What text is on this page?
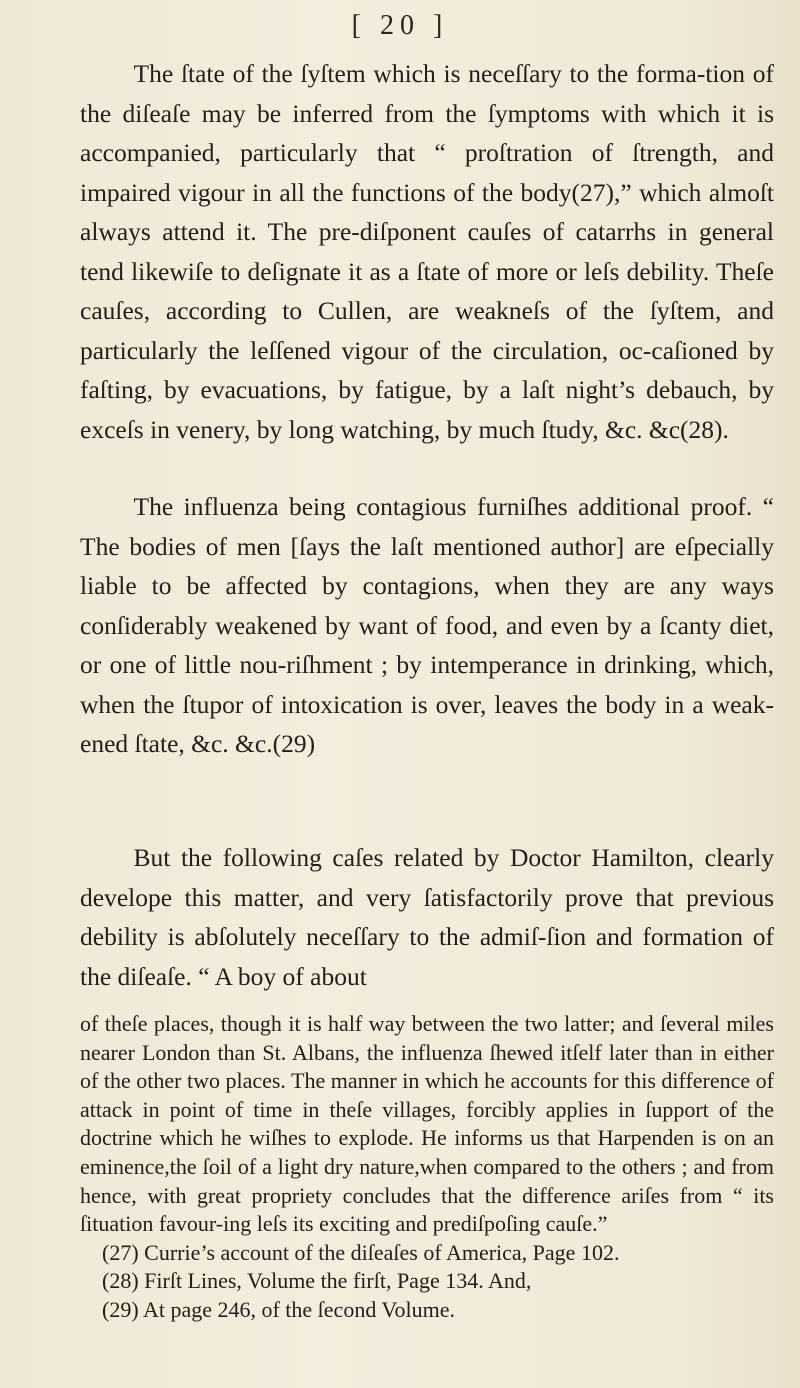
[ 20 ]

The ſtate of the ſyſtem which is neceſſary to the forma-tion of the diſeaſe may be inferred from the ſymptoms with which it is accompanied, particularly that “ proſtration of ſtrength, and impaired vigour in all the functions of the body(27),” which almoſt always attend it. The pre-diſponent cauſes of catarrhs in general tend likewiſe to deſignate it as a ſtate of more or leſs debility. Theſe cauſes, according to Cullen, are weakneſs of the ſyſtem, and particularly the leſſened vigour of the circulation, oc-caſioned by faſting, by evacuations, by fatigue, by a laſt night’s debauch, by exceſs in venery, by long watching, by much ſtudy, &c. &c(28).

The influenza being contagious furniſhes additional proof. “ The bodies of men [ſays the laſt mentioned author] are eſpecially liable to be affected by contagions, when they are any ways conſiderably weakened by want of food, and even by a ſcanty diet, or one of little nou-riſhment ; by intemperance in drinking, which, when the ſtupor of intoxication is over, leaves the body in a weak-ened ſtate, &c. &c.(29)

But the following caſes related by Doctor Hamilton, clearly develope this matter, and very ſatisfactorily prove that previous debility is abſolutely neceſſary to the admiſ-ſion and formation of the diſeaſe. “ A boy of about

of theſe places, though it is half way between the two latter; and ſeveral miles nearer London than St. Albans, the influenza ſhewed itſelf later than in either of the other two places. The manner in which he accounts for this difference of attack in point of time in theſe villages, forcibly applies in ſupport of the doctrine which he wiſhes to explode. He informs us that Harpenden is on an eminence,the ſoil of a light dry nature,when compared to the others ; and from hence, with great propriety concludes that the difference ariſes from “ its ſituation favour-ing leſs its exciting and prediſpoſing cauſe.”

(27) Currie’s account of the diſeaſes of America, Page 102.

(28) Firſt Lines, Volume the firſt, Page 134. And,

(29) At page 246, of the ſecond Volume.
